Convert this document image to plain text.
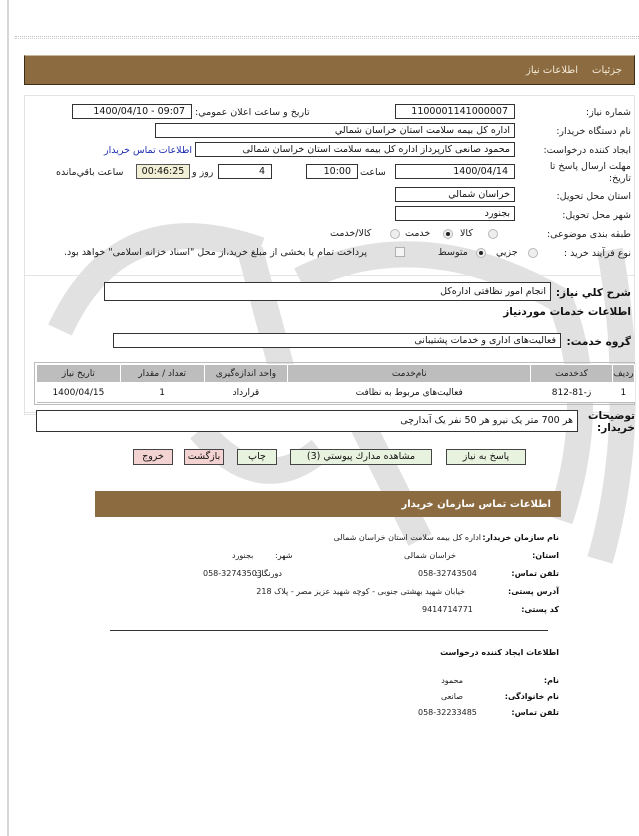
جزئيات
اطلاعات نياز
شماره نياز:
1100001141000007
تاريخ و ساعت اعلان عمومي:
1400/04/10 - 09:07
نام دستگاه خريدار:
اداره كل بيمه سلامت استان خراسان شمالي
ايجاد كننده درخواست:
محمود صانعی کارپرداز اداره کل بیمه سلامت استان خراسان شمالی
اطلاعات تماس خريدار
مهلت ارسال پاسخ تا
تاريخ:
1400/04/14
ساعت
10:00
4
روز و
00:46:25
ساعت باقي‌مانده
استان محل تحويل:
خراسان شمالي
شهر محل تحويل:
بجنورد
طبقه بندی موضوعی:
كالا
خدمت
كالا/خدمت
نوع فرآيند خريد :
جزيي
متوسط
پرداخت تمام يا بخشی از مبلغ خريد،از محل "اسناد خزانه اسلامی" خواهد بود.
شرح كلي نياز:
انجام امور نظافتی اداره‌کل
اطلاعات خدمات موردنياز
گروه خدمت:
فعالیت‌های اداری و خدمات پشتیبانی
رديف	كدخدمت	نام‌خدمت	واحد اندازه‌گيری	تعداد / مقدار	تاريخ نياز
1	ز-81-812	فعالیت‌های مربوط به نظافت	قرارداد	1	1400/04/15
توضيحات
خريدار:
هر 700 متر یک نیرو هر 50 نفر یک آبدارچی
پاسخ به نياز
مشاهده مدارك پيوستي (3)
چاپ
بازگشت
خروج
اطلاعات تماس سازمان خريدار
نام سازمان خريدار:
اداره کل بیمه سلامت استان خراسان شمالی
استان:
خراسان شمالی
شهر:
بجنورد
تلفن تماس:
058-32743504
دورنگار:
058-32743503
آدرس پستی:
خیابان شهید بهشتی جنوبی - کوچه شهید عزیز مصر - پلاک 218
کد پستی:
9414714771
اطلاعات ایجاد کننده درخواست
نام:
محمود
نام خانوادگی:
صانعی
تلفن تماس:
058-32233485
